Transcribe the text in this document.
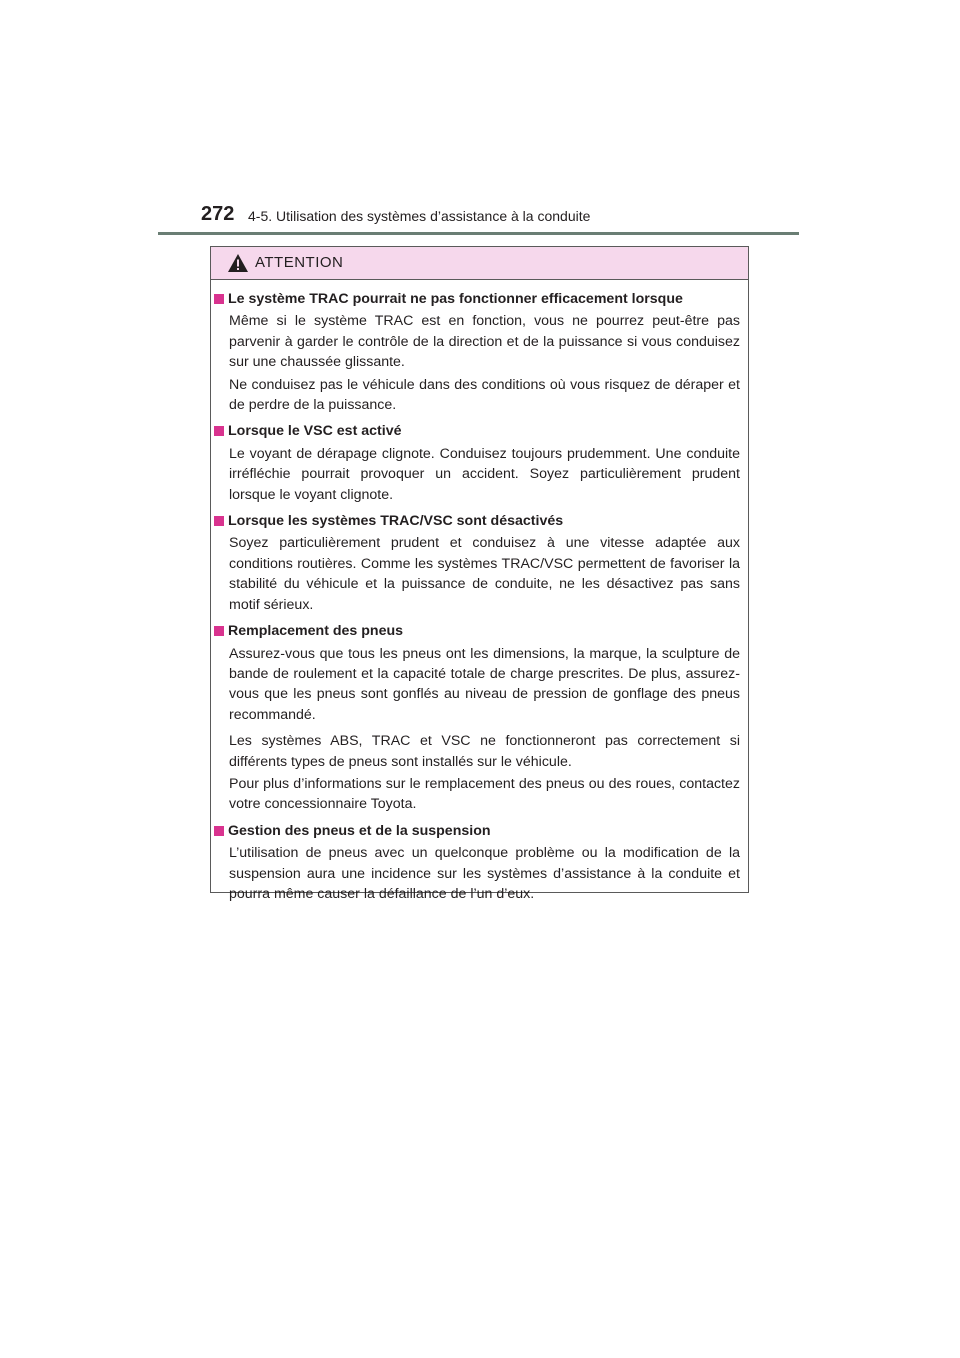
272 4-5. Utilisation des systèmes d’assistance à la conduite
ATTENTION
Le système TRAC pourrait ne pas fonctionner efficacement lorsque

Même si le système TRAC est en fonction, vous ne pourrez peut-être pas parvenir à garder le contrôle de la direction et de la puissance si vous conduisez sur une chaussée glissante.

Ne conduisez pas le véhicule dans des conditions où vous risquez de déraper et de perdre de la puissance.

Lorsque le VSC est activé

Le voyant de dérapage clignote. Conduisez toujours prudemment. Une conduite irréfléchie pourrait provoquer un accident. Soyez particulièrement prudent lorsque le voyant clignote.

Lorsque les systèmes TRAC/VSC sont désactivés

Soyez particulièrement prudent et conduisez à une vitesse adaptée aux conditions routières. Comme les systèmes TRAC/VSC permettent de favoriser la stabilité du véhicule et la puissance de conduite, ne les désactivez pas sans motif sérieux.

Remplacement des pneus

Assurez-vous que tous les pneus ont les dimensions, la marque, la sculpture de bande de roulement et la capacité totale de charge prescrites. De plus, assurez-vous que les pneus sont gonflés au niveau de pression de gonflage des pneus recommandé.

Les systèmes ABS, TRAC et VSC ne fonctionneront pas correctement si différents types de pneus sont installés sur le véhicule.

Pour plus d’informations sur le remplacement des pneus ou des roues, contactez votre concessionnaire Toyota.

Gestion des pneus et de la suspension

L’utilisation de pneus avec un quelconque problème ou la modification de la suspension aura une incidence sur les systèmes d’assistance à la conduite et pourra même causer la défaillance de l’un d’eux.
